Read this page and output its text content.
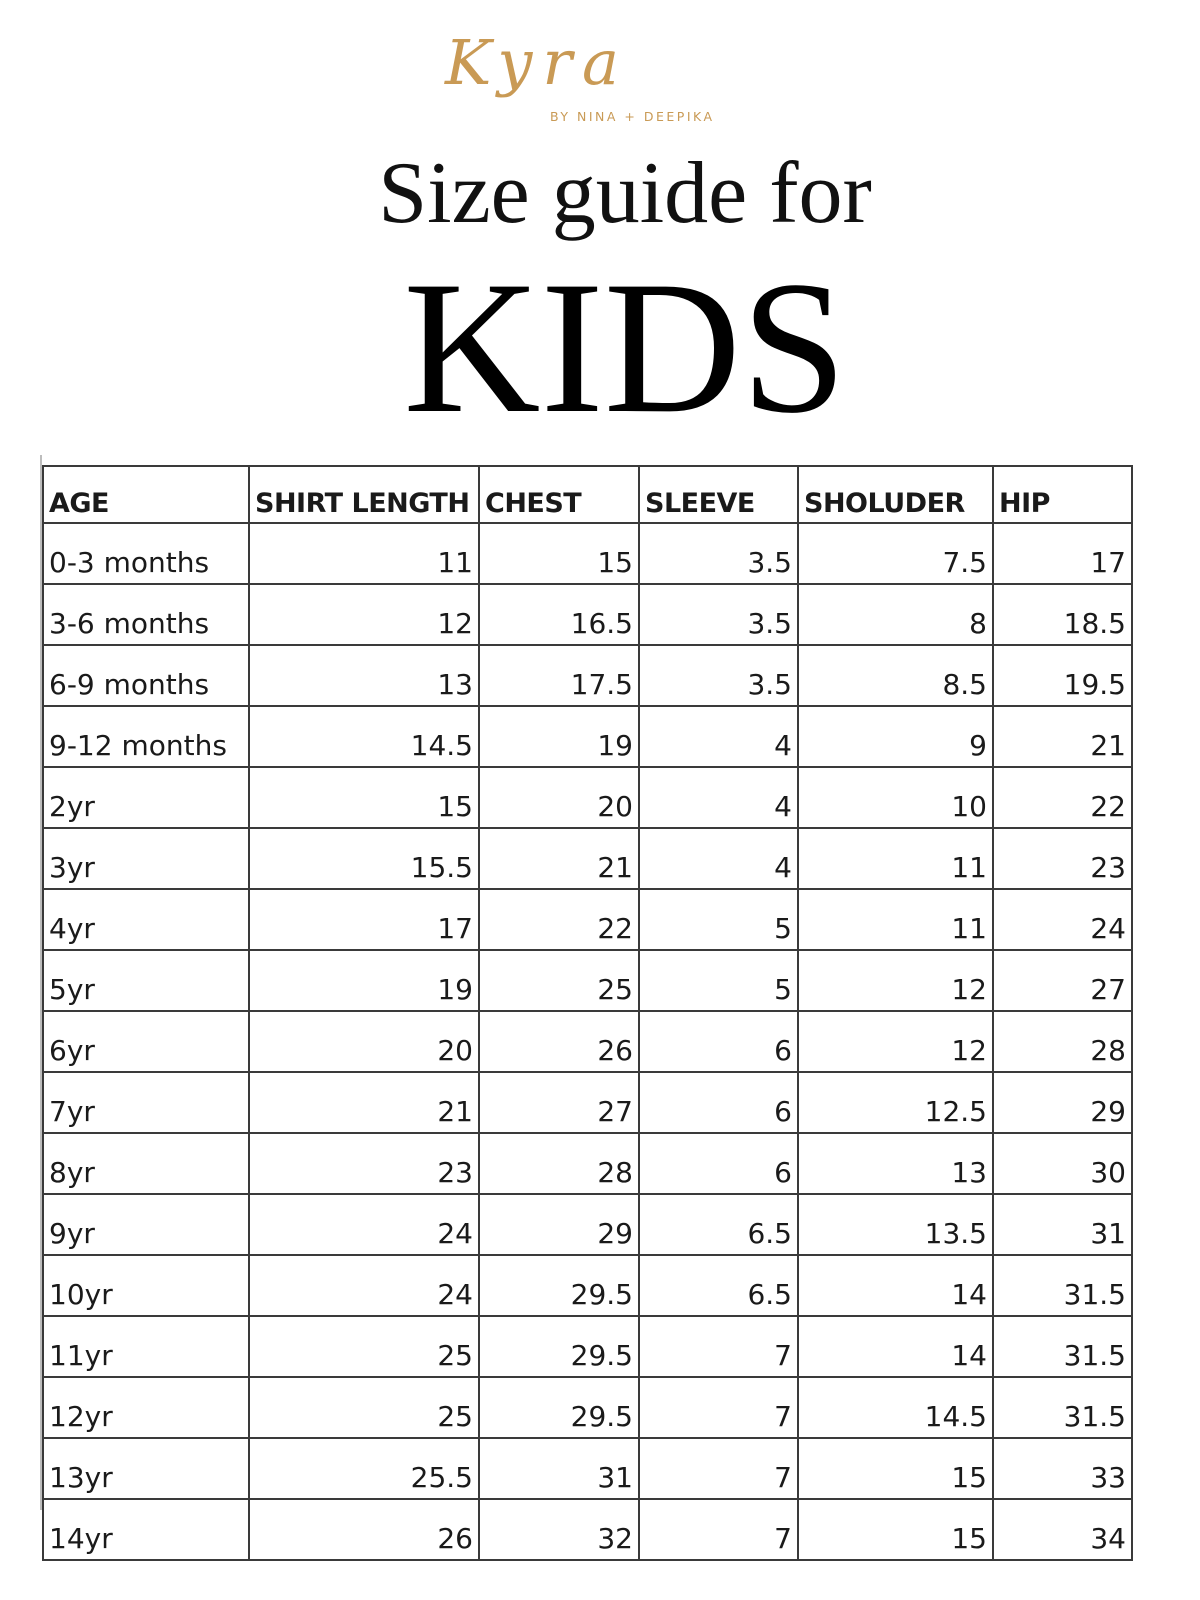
Kyra
BY NINA + DEEPIKA
Size guide for
KIDS
AGE	SHIRT LENGTH	CHEST	SLEEVE	SHOLUDER	HIP
0-3 months	11	15	3.5	7.5	17
3-6 months	12	16.5	3.5	8	18.5
6-9 months	13	17.5	3.5	8.5	19.5
9-12 months	14.5	19	4	9	21
2yr	15	20	4	10	22
3yr	15.5	21	4	11	23
4yr	17	22	5	11	24
5yr	19	25	5	12	27
6yr	20	26	6	12	28
7yr	21	27	6	12.5	29
8yr	23	28	6	13	30
9yr	24	29	6.5	13.5	31
10yr	24	29.5	6.5	14	31.5
11yr	25	29.5	7	14	31.5
12yr	25	29.5	7	14.5	31.5
13yr	25.5	31	7	15	33
14yr	26	32	7	15	34
